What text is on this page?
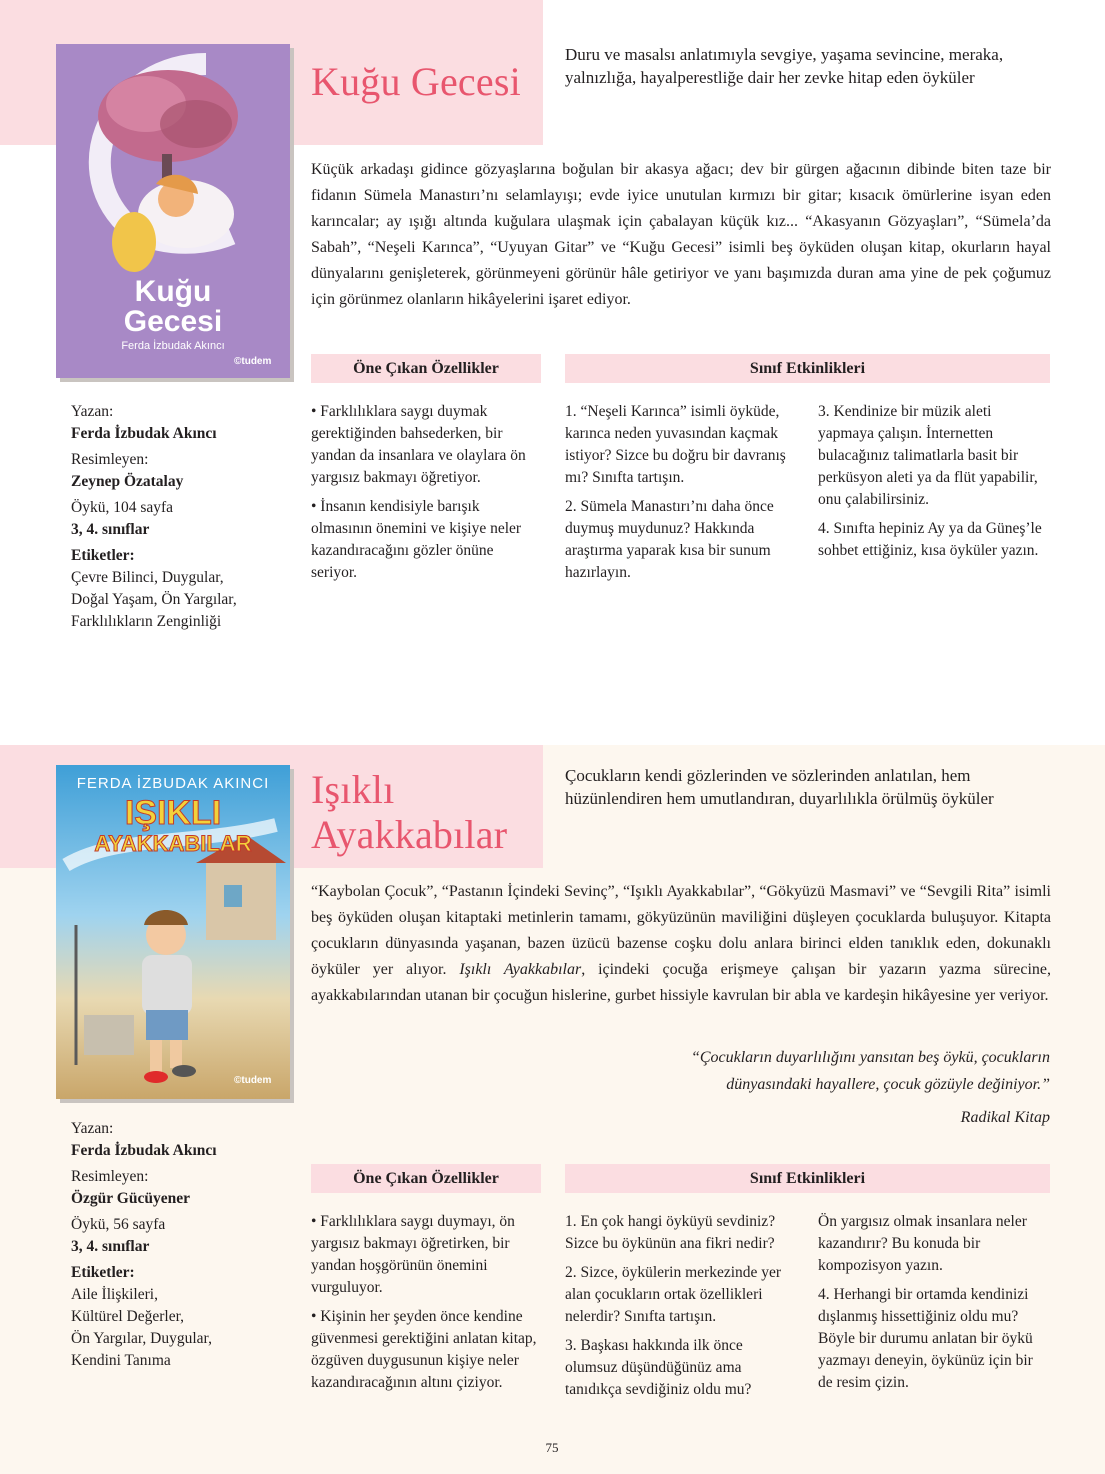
Kuğu
Gecesi
Ferda İzbudak Akıncı
©tudem
Kuğu Gecesi
Duru ve masalsı anlatımıyla sevgiye, yaşama sevincine, meraka, yalnızlığa, hayalperestliğe dair her zevke hitap eden öyküler

Küçük arkadaşı gidince gözyaşlarına boğulan bir akasya ağacı; dev bir gürgen ağacının dibinde biten taze bir fidanın Sümela Manastırı’nı selamlayışı; evde iyice unutulan kırmızı bir gitar; kısacık ömürlerine isyan eden karıncalar; ay ışığı altında kuğulara ulaşmak için çabalayan küçük kız... “Akasyanın Gözyaşları”, “Sümela’da Sabah”, “Neşeli Karınca”, “Uyuyan Gitar” ve “Kuğu Gecesi” isimli beş öyküden oluşan kitap, okurların hayal dünyalarını genişleterek, görünmeyeni görünür hâle getiriyor ve yanı başımızda duran ama yine de pek çoğumuz için görünmez olanların hikâyelerini işaret ediyor.

Öne Çıkan Özellikler	Sınıf Etkinlikleri
Yazan:
Ferda İzbudak Akıncı
Resimleyen:
Zeynep Özatalay
Öykü, 104 sayfa
3, 4. sınıflar
Etiketler:
Çevre Bilinci, Duygular,
Doğal Yaşam, Ön Yargılar,
Farklılıkların Zenginliği

• Farklılıklara saygı duymak gerektiğinden bahsederken, bir yandan da insanlara ve olaylara ön yargısız bakmayı öğretiyor.

• İnsanın kendisiyle barışık olmasının önemini ve kişiye neler kazandıracağını gözler önüne seriyor.

1. “Neşeli Karınca” isimli öyküde, karınca neden yuvasından kaçmak istiyor? Sizce bu doğru bir davranış mı? Sınıfta tartışın.

2. Sümela Manastırı’nı daha önce duymuş muydunuz? Hakkında araştırma yaparak kısa bir sunum hazırlayın.

3. Kendinize bir müzik aleti yapmaya çalışın. İnternetten bulacağınız talimatlarla basit bir perküsyon aleti ya da flüt yapabilir, onu çalabilirsiniz.

4. Sınıfta hepiniz Ay ya da Güneş’le sohbet ettiğiniz, kısa öyküler yazın.

FERDA İZBUDAK AKINCI
IŞIKLI
AYAKKABILAR
©tudem
Işıklı
Ayakkabılar
Çocukların kendi gözlerinden ve sözlerinden anlatılan, hem hüzünlendiren hem umutlandıran, duyarlılıkla örülmüş öyküler

“Kaybolan Çocuk”, “Pastanın İçindeki Sevinç”, “Işıklı Ayakkabılar”, “Gökyüzü Masmavi” ve “Sevgili Rita” isimli beş öyküden oluşan kitaptaki metinlerin tamamı, gökyüzünün maviliğini düşleyen çocuklarda buluşuyor. Kitapta çocukların dünyasında yaşanan, bazen üzücü bazense coşku dolu anlara birinci elden tanıklık eden, dokunaklı öyküler yer alıyor. Işıklı Ayakkabılar, içindeki çocuğa erişmeye çalışan bir yazarın yazma sürecine, ayakkabılarından utanan bir çocuğun hislerine, gurbet hissiyle kavrulan bir abla ve kardeşin hikâyesine yer veriyor.

“Çocukların duyarlılığını yansıtan beş öykü, çocukların dünyasındaki hayallere, çocuk gözüyle değiniyor.”
Radikal Kitap
Öne Çıkan Özellikler	Sınıf Etkinlikleri
Yazan:
Ferda İzbudak Akıncı
Resimleyen:
Özgür Gücüyener
Öykü, 56 sayfa
3, 4. sınıflar
Etiketler:
Aile İlişkileri,
Kültürel Değerler,
Ön Yargılar, Duygular,
Kendini Tanıma

• Farklılıklara saygı duymayı, ön yargısız bakmayı öğretirken, bir yandan hoşgörünün önemini vurguluyor.

• Kişinin her şeyden önce kendine güvenmesi gerektiğini anlatan kitap, özgüven duygusunun kişiye neler kazandıracağının altını çiziyor.

1. En çok hangi öyküyü sevdiniz? Sizce bu öykünün ana fikri nedir?

2. Sizce, öykülerin merkezinde yer alan çocukların ortak özellikleri nelerdir? Sınıfta tartışın.

3. Başkası hakkında ilk önce olumsuz düşündüğünüz ama tanıdıkça sevdiğiniz oldu mu?

Ön yargısız olmak insanlara neler kazandırır? Bu konuda bir kompozisyon yazın.

4. Herhangi bir ortamda kendinizi dışlanmış hissettiğiniz oldu mu? Böyle bir durumu anlatan bir öykü yazmayı deneyin, öykünüz için bir de resim çizin.

75
